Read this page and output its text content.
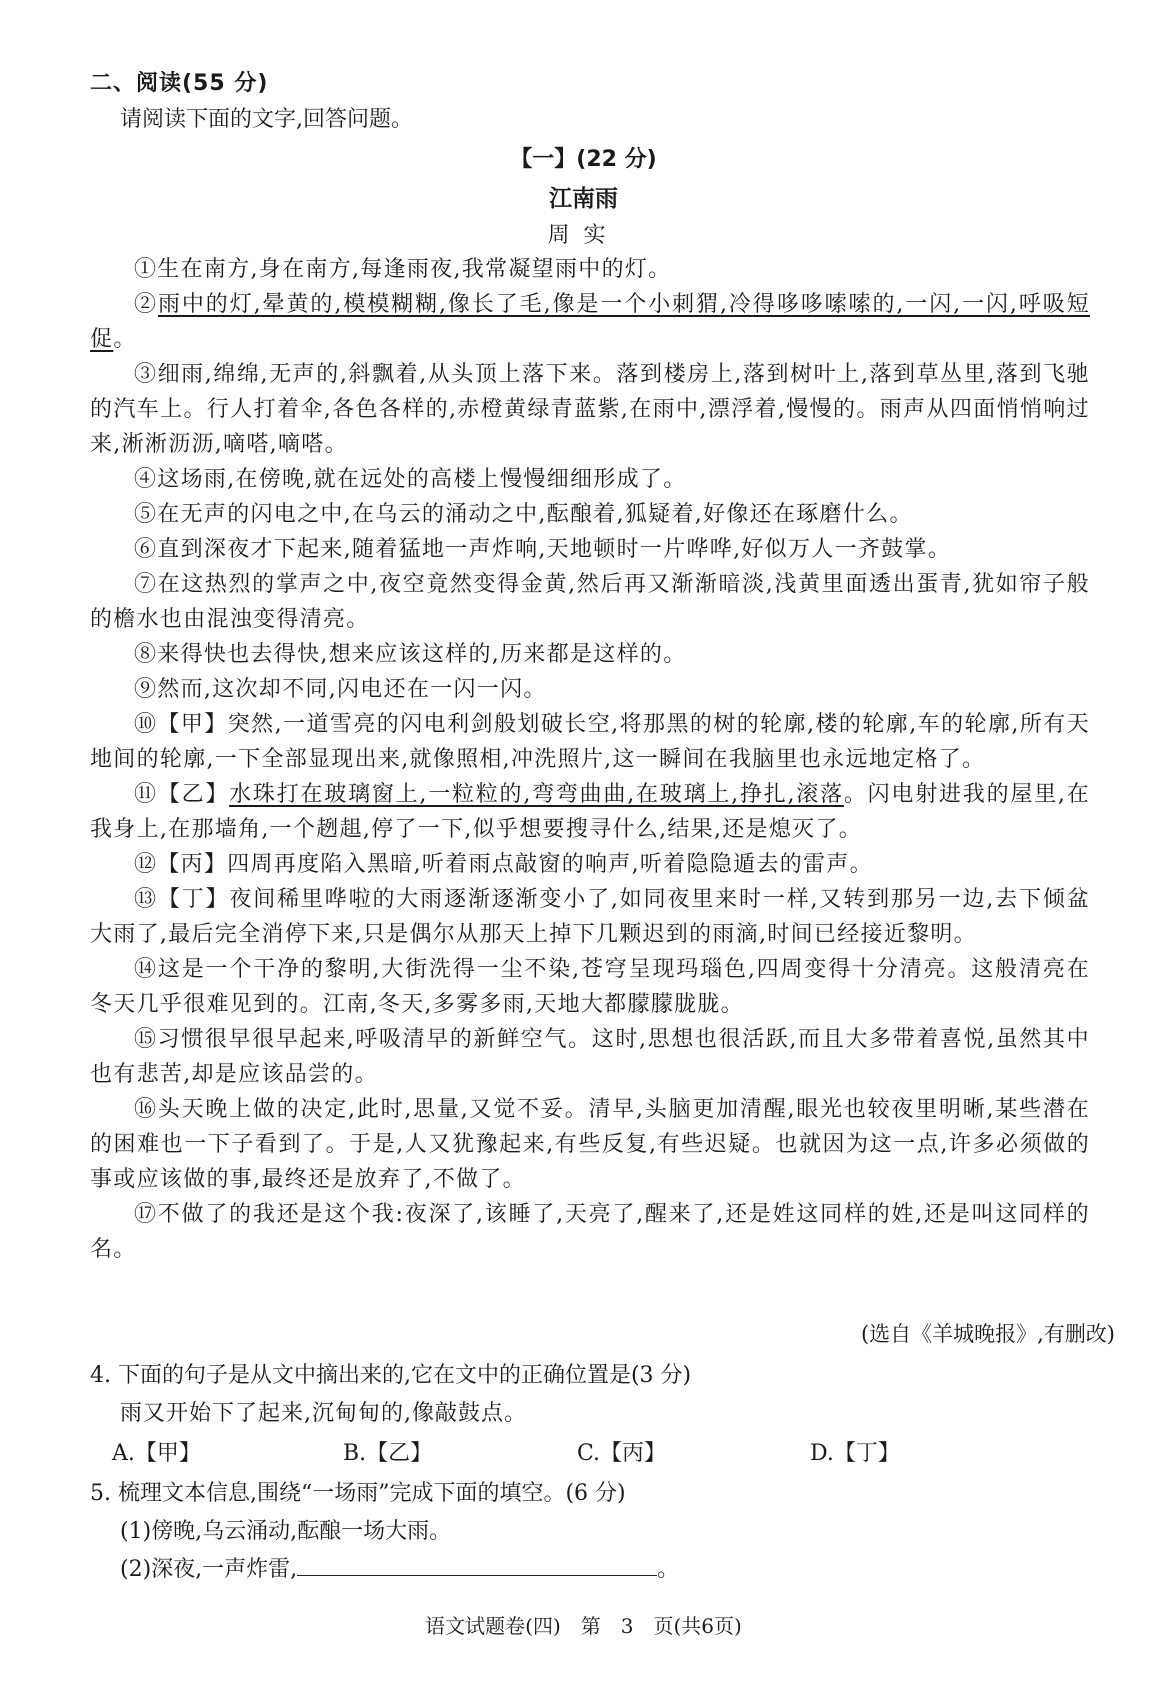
二、阅读(55 分)
请阅读下面的文字,回答问题。
【一】(22 分)
江南雨
周实

①生在南方,身在南方,每逢雨夜,我常凝望雨中的灯。

②雨中的灯,晕黄的,模模糊糊,像长了毛,像是一个小刺猬,冷得哆哆嗦嗦的,一闪,一闪,呼吸短促。

③细雨,绵绵,无声的,斜飘着,从头顶上落下来。落到楼房上,落到树叶上,落到草丛里,落到飞驰的汽车上。行人打着伞,各色各样的,赤橙黄绿青蓝紫,在雨中,漂浮着,慢慢的。雨声从四面悄悄响过来,淅淅沥沥,嘀嗒,嘀嗒。

④这场雨,在傍晚,就在远处的高楼上慢慢细细形成了。

⑤在无声的闪电之中,在乌云的涌动之中,酝酿着,狐疑着,好像还在琢磨什么。

⑥直到深夜才下起来,随着猛地一声炸响,天地顿时一片哗哗,好似万人一齐鼓掌。

⑦在这热烈的掌声之中,夜空竟然变得金黄,然后再又渐渐暗淡,浅黄里面透出蛋青,犹如帘子般的檐水也由混浊变得清亮。

⑧来得快也去得快,想来应该这样的,历来都是这样的。

⑨然而,这次却不同,闪电还在一闪一闪。

⑩【甲】突然,一道雪亮的闪电利剑般划破长空,将那黑的树的轮廓,楼的轮廓,车的轮廓,所有天地间的轮廓,一下全部显现出来,就像照相,冲洗照片,这一瞬间在我脑里也永远地定格了。

⑪【乙】水珠打在玻璃窗上,一粒粒的,弯弯曲曲,在玻璃上,挣扎,滚落。闪电射进我的屋里,在我身上,在那墙角,一个趔趄,停了一下,似乎想要搜寻什么,结果,还是熄灭了。

⑫【丙】四周再度陷入黑暗,听着雨点敲窗的响声,听着隐隐遁去的雷声。

⑬【丁】夜间稀里哗啦的大雨逐渐逐渐变小了,如同夜里来时一样,又转到那另一边,去下倾盆大雨了,最后完全消停下来,只是偶尔从那天上掉下几颗迟到的雨滴,时间已经接近黎明。

⑭这是一个干净的黎明,大街洗得一尘不染,苍穹呈现玛瑙色,四周变得十分清亮。这般清亮在冬天几乎很难见到的。江南,冬天,多雾多雨,天地大都朦朦胧胧。

⑮习惯很早很早起来,呼吸清早的新鲜空气。这时,思想也很活跃,而且大多带着喜悦,虽然其中也有悲苦,却是应该品尝的。

⑯头天晚上做的决定,此时,思量,又觉不妥。清早,头脑更加清醒,眼光也较夜里明晰,某些潜在的困难也一下子看到了。于是,人又犹豫起来,有些反复,有些迟疑。也就因为这一点,许多必须做的事或应该做的事,最终还是放弃了,不做了。

⑰不做了的我还是这个我:夜深了,该睡了,天亮了,醒来了,还是姓这同样的姓,还是叫这同样的名。

(选自《羊城晚报》,有删改)
4. 下面的句子是从文中摘出来的,它在文中的正确位置是(3 分)
雨又开始下了起来,沉甸甸的,像敲鼓点。
A.【甲】	B.【乙】	C.【丙】	D.【丁】
5. 梳理文本信息,围绕“一场雨”完成下面的填空。(6 分)
(1)傍晚,乌云涌动,酝酿一场大雨。
(2)深夜,一声炸雷,	。
语文试题卷(四)　第　3　页(共6页)
